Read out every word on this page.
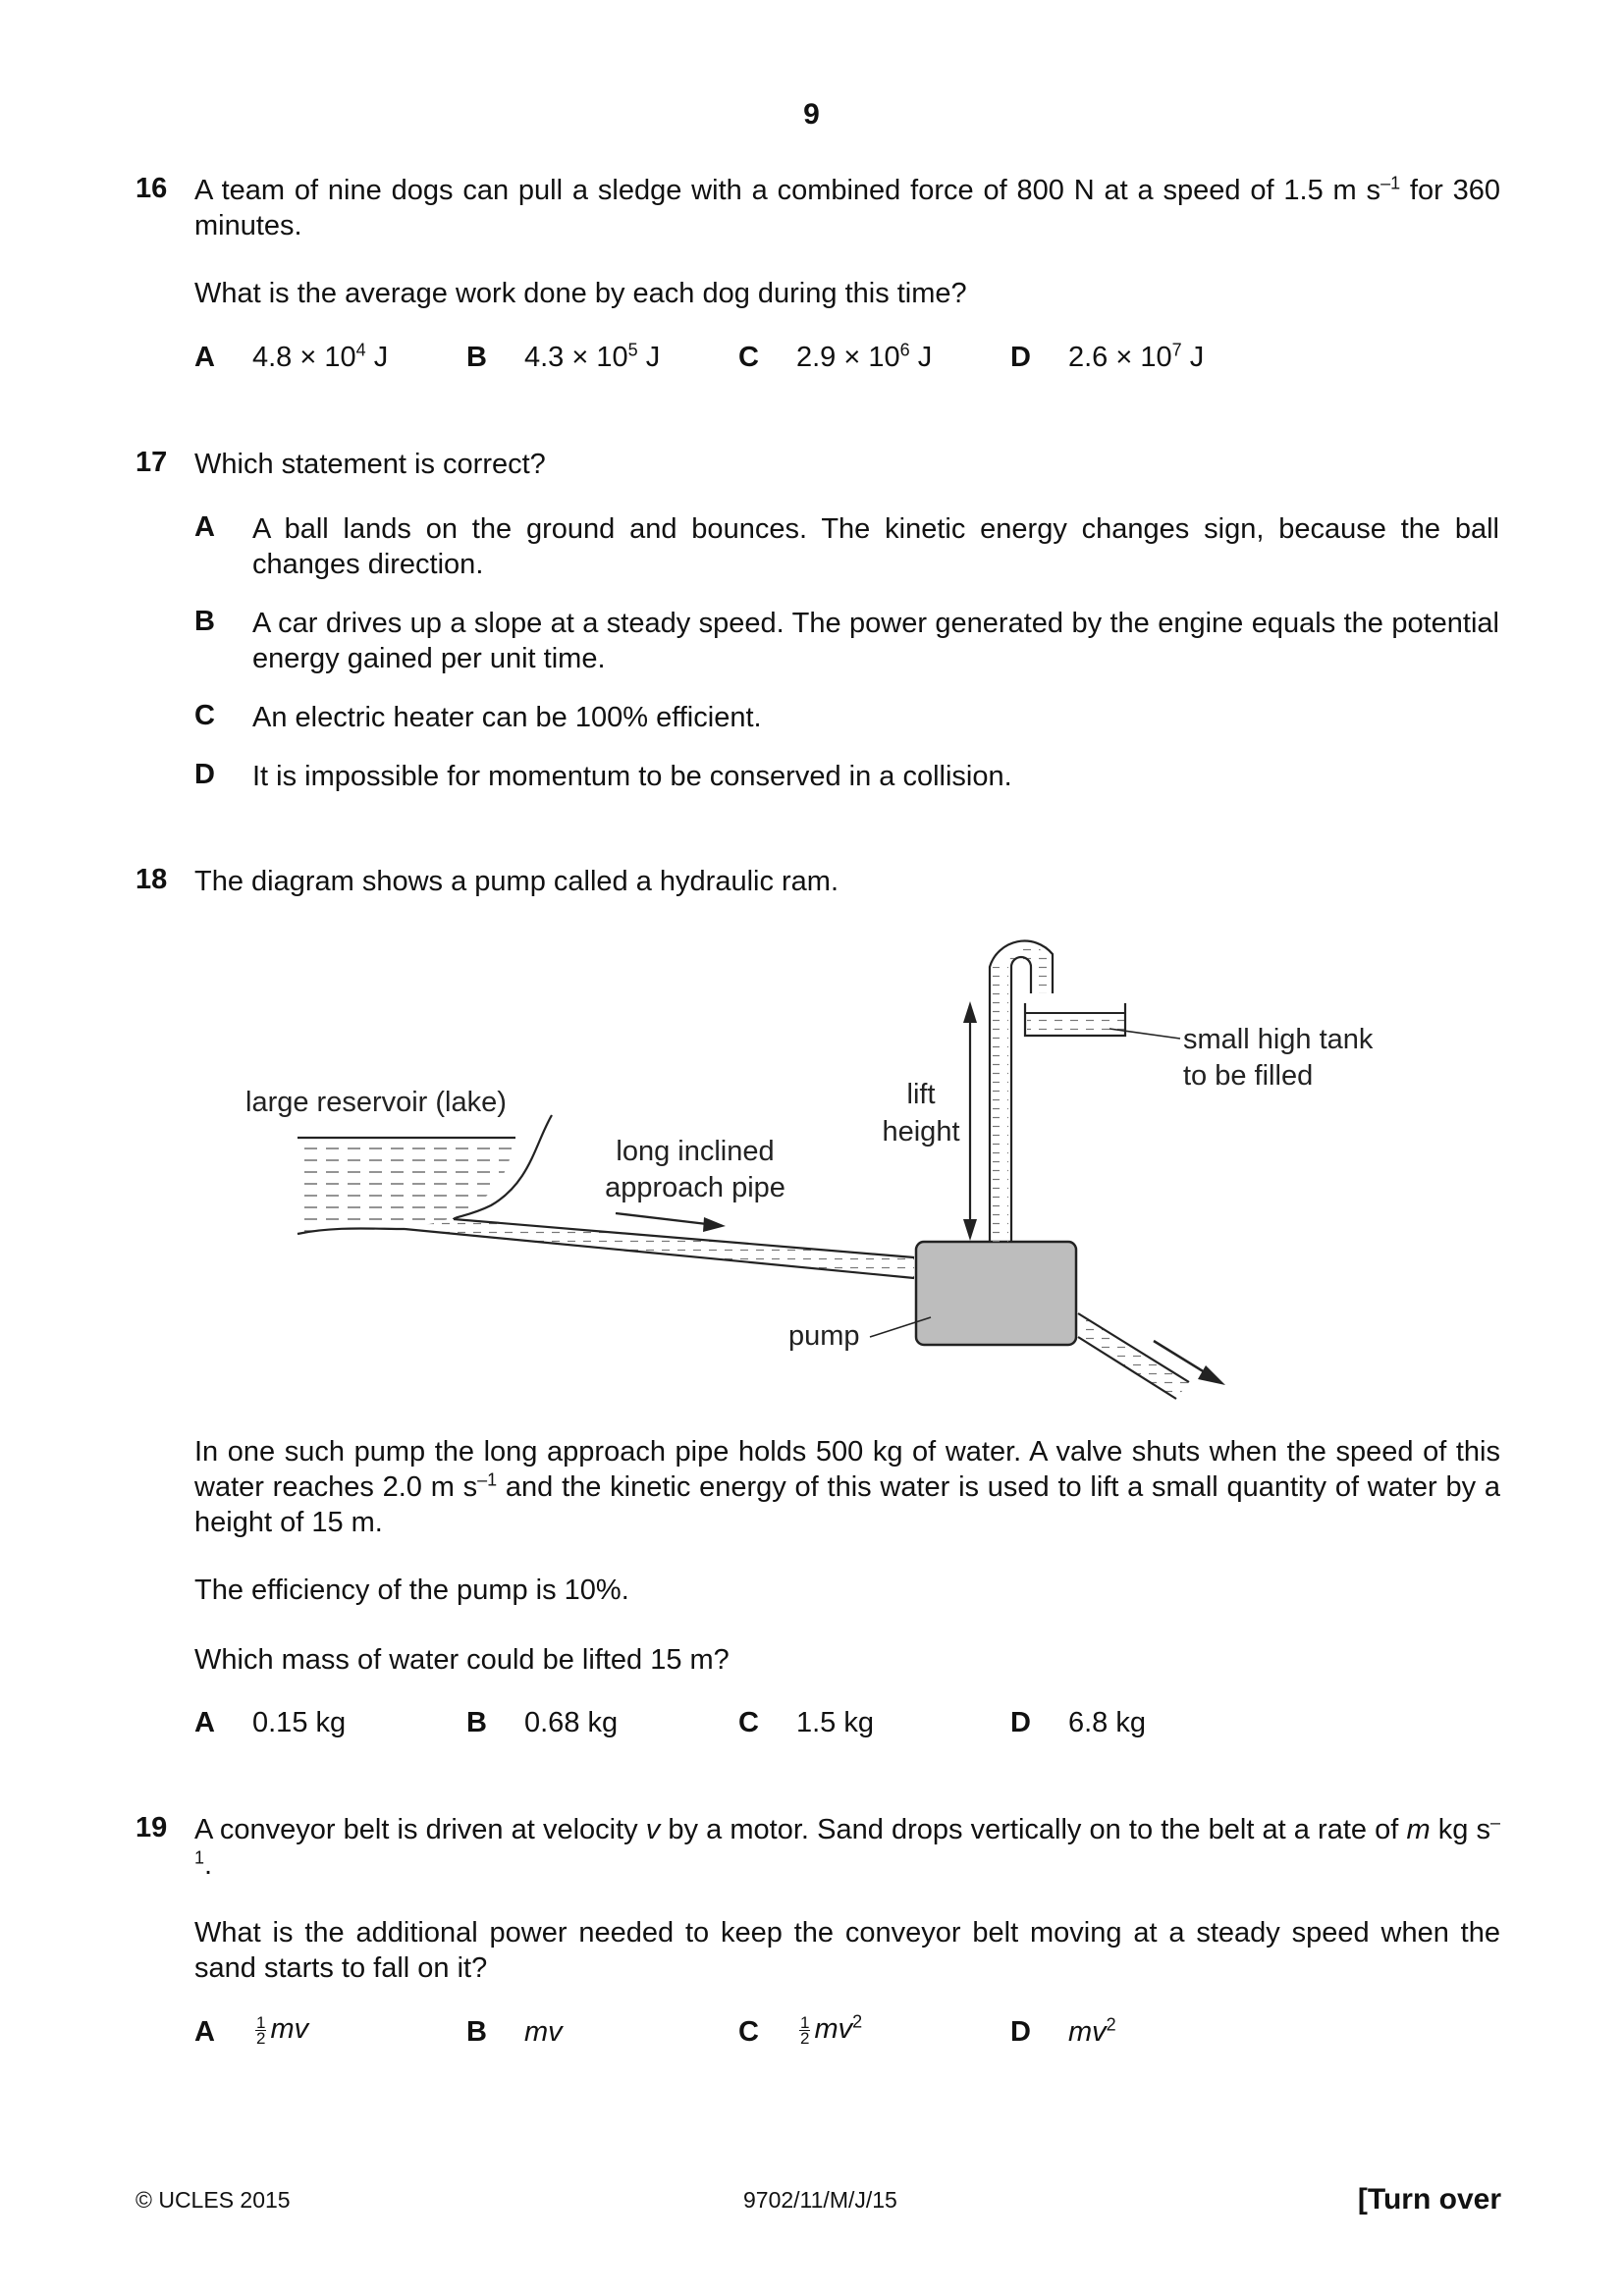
9
16 A team of nine dogs can pull a sledge with a combined force of 800 N at a speed of 1.5 m $s^{-1}$ for 360 minutes.
What is the average work done by each dog during this time?
A $4.8 \times 10^4$ J	B $4.3 \times 10^5$ J	C $2.9 \times 10^6$ J	D $2.6 \times 10^7$ J
17 Which statement is correct?
A A ball lands on the ground and bounces. The kinetic energy changes sign, because the ball changes direction.
B A car drives up a slope at a steady speed. The power generated by the engine equals the potential energy gained per unit time.
C An electric heater can be 100% efficient.
D It is impossible for momentum to be conserved in a collision.
18 The diagram shows a pump called a hydraulic ram.
large reservoir (lake)
long inclined
approach pipe
lift
height
small high tank
to be filled
pump
In one such pump the long approach pipe holds 500 kg of water. A valve shuts when the speed of this water reaches 2.0 m $s^{-1}$ and the kinetic energy of this water is used to lift a small quantity of water by a height of 15 m.
The efficiency of the pump is 10%.
Which mass of water could be lifted 15 m?
A 0.15 kg	B 0.68 kg	C 1.5 kg	D 6.8 kg
19 A conveyor belt is driven at velocity v by a motor. Sand drops vertically on to the belt at a rate of m kg $s^{-1}$.
What is the additional power needed to keep the conveyor belt moving at a steady speed when the sand starts to fall on it?
A $\frac{1}{2}$ mv	B mv	C $\frac{1}{2} mv^2$	D $mv^2$
© UCLES 2015	9702/11/M/J/15	[Turn over
